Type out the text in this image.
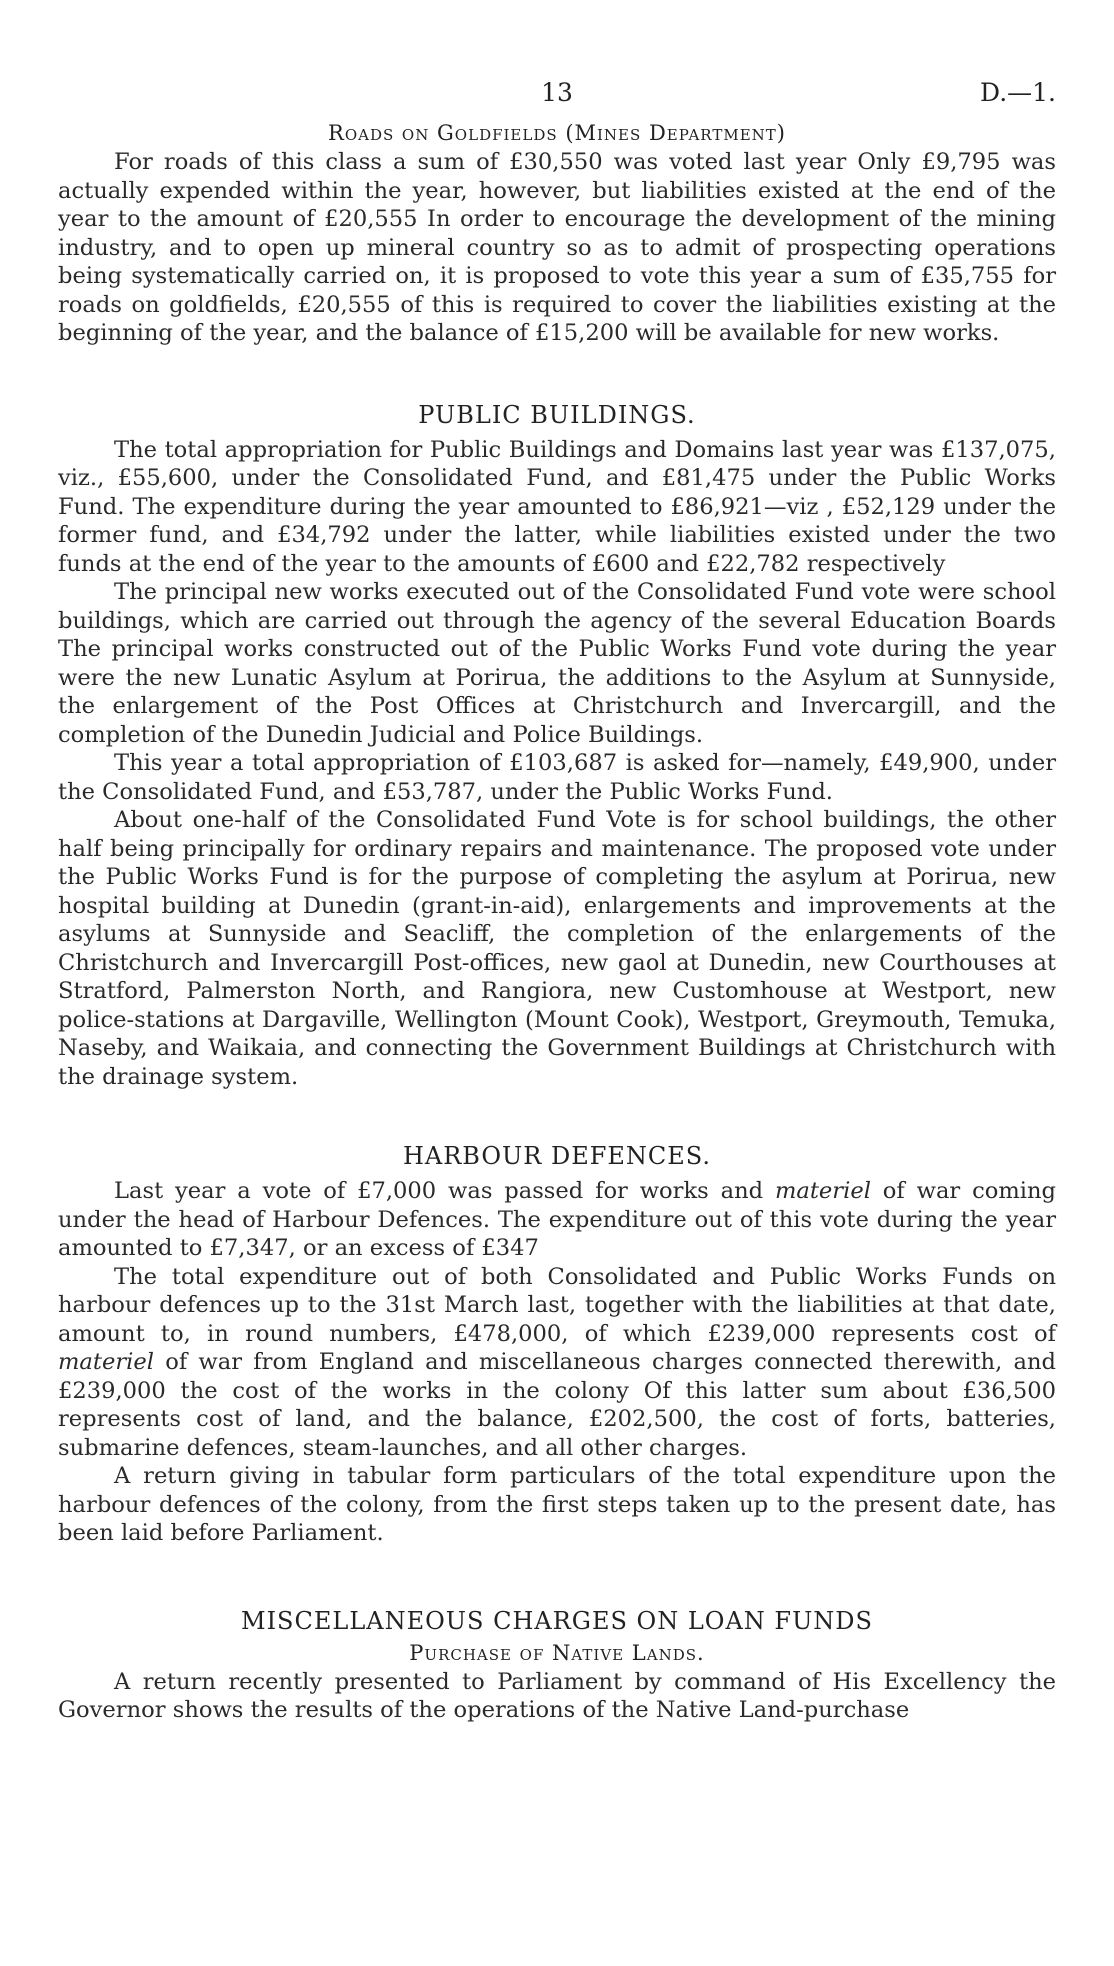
13	D.—1.
Roads on Goldfields (Mines Department)

For roads of this class a sum of £30,550 was voted last year Only £9,795 was actually expended within the year, however, but liabilities existed at the end of the year to the amount of £20,555 In order to encourage the development of the mining industry, and to open up mineral country so as to admit of prospecting operations being systematically carried on, it is proposed to vote this year a sum of £35,755 for roads on goldfields, £20,555 of this is required to cover the liabilities existing at the beginning of the year, and the balance of £15,200 will be available for new works.

PUBLIC BUILDINGS.

The total appropriation for Public Buildings and Domains last year was £137,075, viz., £55,600, under the Consolidated Fund, and £81,475 under the Public Works Fund. The expenditure during the year amounted to £86,921—viz , £52,129 under the former fund, and £34,792 under the latter, while liabilities existed under the two funds at the end of the year to the amounts of £600 and £22,782 respectively

The principal new works executed out of the Consolidated Fund vote were school buildings, which are carried out through the agency of the several Education Boards The principal works constructed out of the Public Works Fund vote during the year were the new Lunatic Asylum at Porirua, the additions to the Asylum at Sunnyside, the enlargement of the Post Offices at Christchurch and Invercargill, and the completion of the Dunedin Judicial and Police Buildings.

This year a total appropriation of £103,687 is asked for—namely, £49,900, under the Consolidated Fund, and £53,787, under the Public Works Fund.

About one-half of the Consolidated Fund Vote is for school buildings, the other half being principally for ordinary repairs and maintenance. The proposed vote under the Public Works Fund is for the purpose of completing the asylum at Porirua, new hospital building at Dunedin (grant-in-aid), enlargements and improvements at the asylums at Sunnyside and Seacliff, the completion of the enlargements of the Christchurch and Invercargill Post-offices, new gaol at Dunedin, new Courthouses at Stratford, Palmerston North, and Rangiora, new Customhouse at Westport, new police-stations at Dargaville, Wellington (Mount Cook), Westport, Greymouth, Temuka, Naseby, and Waikaia, and connecting the Government Buildings at Christchurch with the drainage system.

HARBOUR DEFENCES.

Last year a vote of £7,000 was passed for works and materiel of war coming under the head of Harbour Defences. The expenditure out of this vote during the year amounted to £7,347, or an excess of £347

The total expenditure out of both Consolidated and Public Works Funds on harbour defences up to the 31st March last, together with the liabilities at that date, amount to, in round numbers, £478,000, of which £239,000 represents cost of materiel of war from England and miscellaneous charges connected therewith, and £239,000 the cost of the works in the colony Of this latter sum about £36,500 represents cost of land, and the balance, £202,500, the cost of forts, batteries, submarine defences, steam-launches, and all other charges.

A return giving in tabular form particulars of the total expenditure upon the harbour defences of the colony, from the first steps taken up to the present date, has been laid before Parliament.

MISCELLANEOUS CHARGES ON LOAN FUNDS
Purchase of Native Lands.

A return recently presented to Parliament by command of His Excellency the Governor shows the results of the operations of the Native Land-purchase
